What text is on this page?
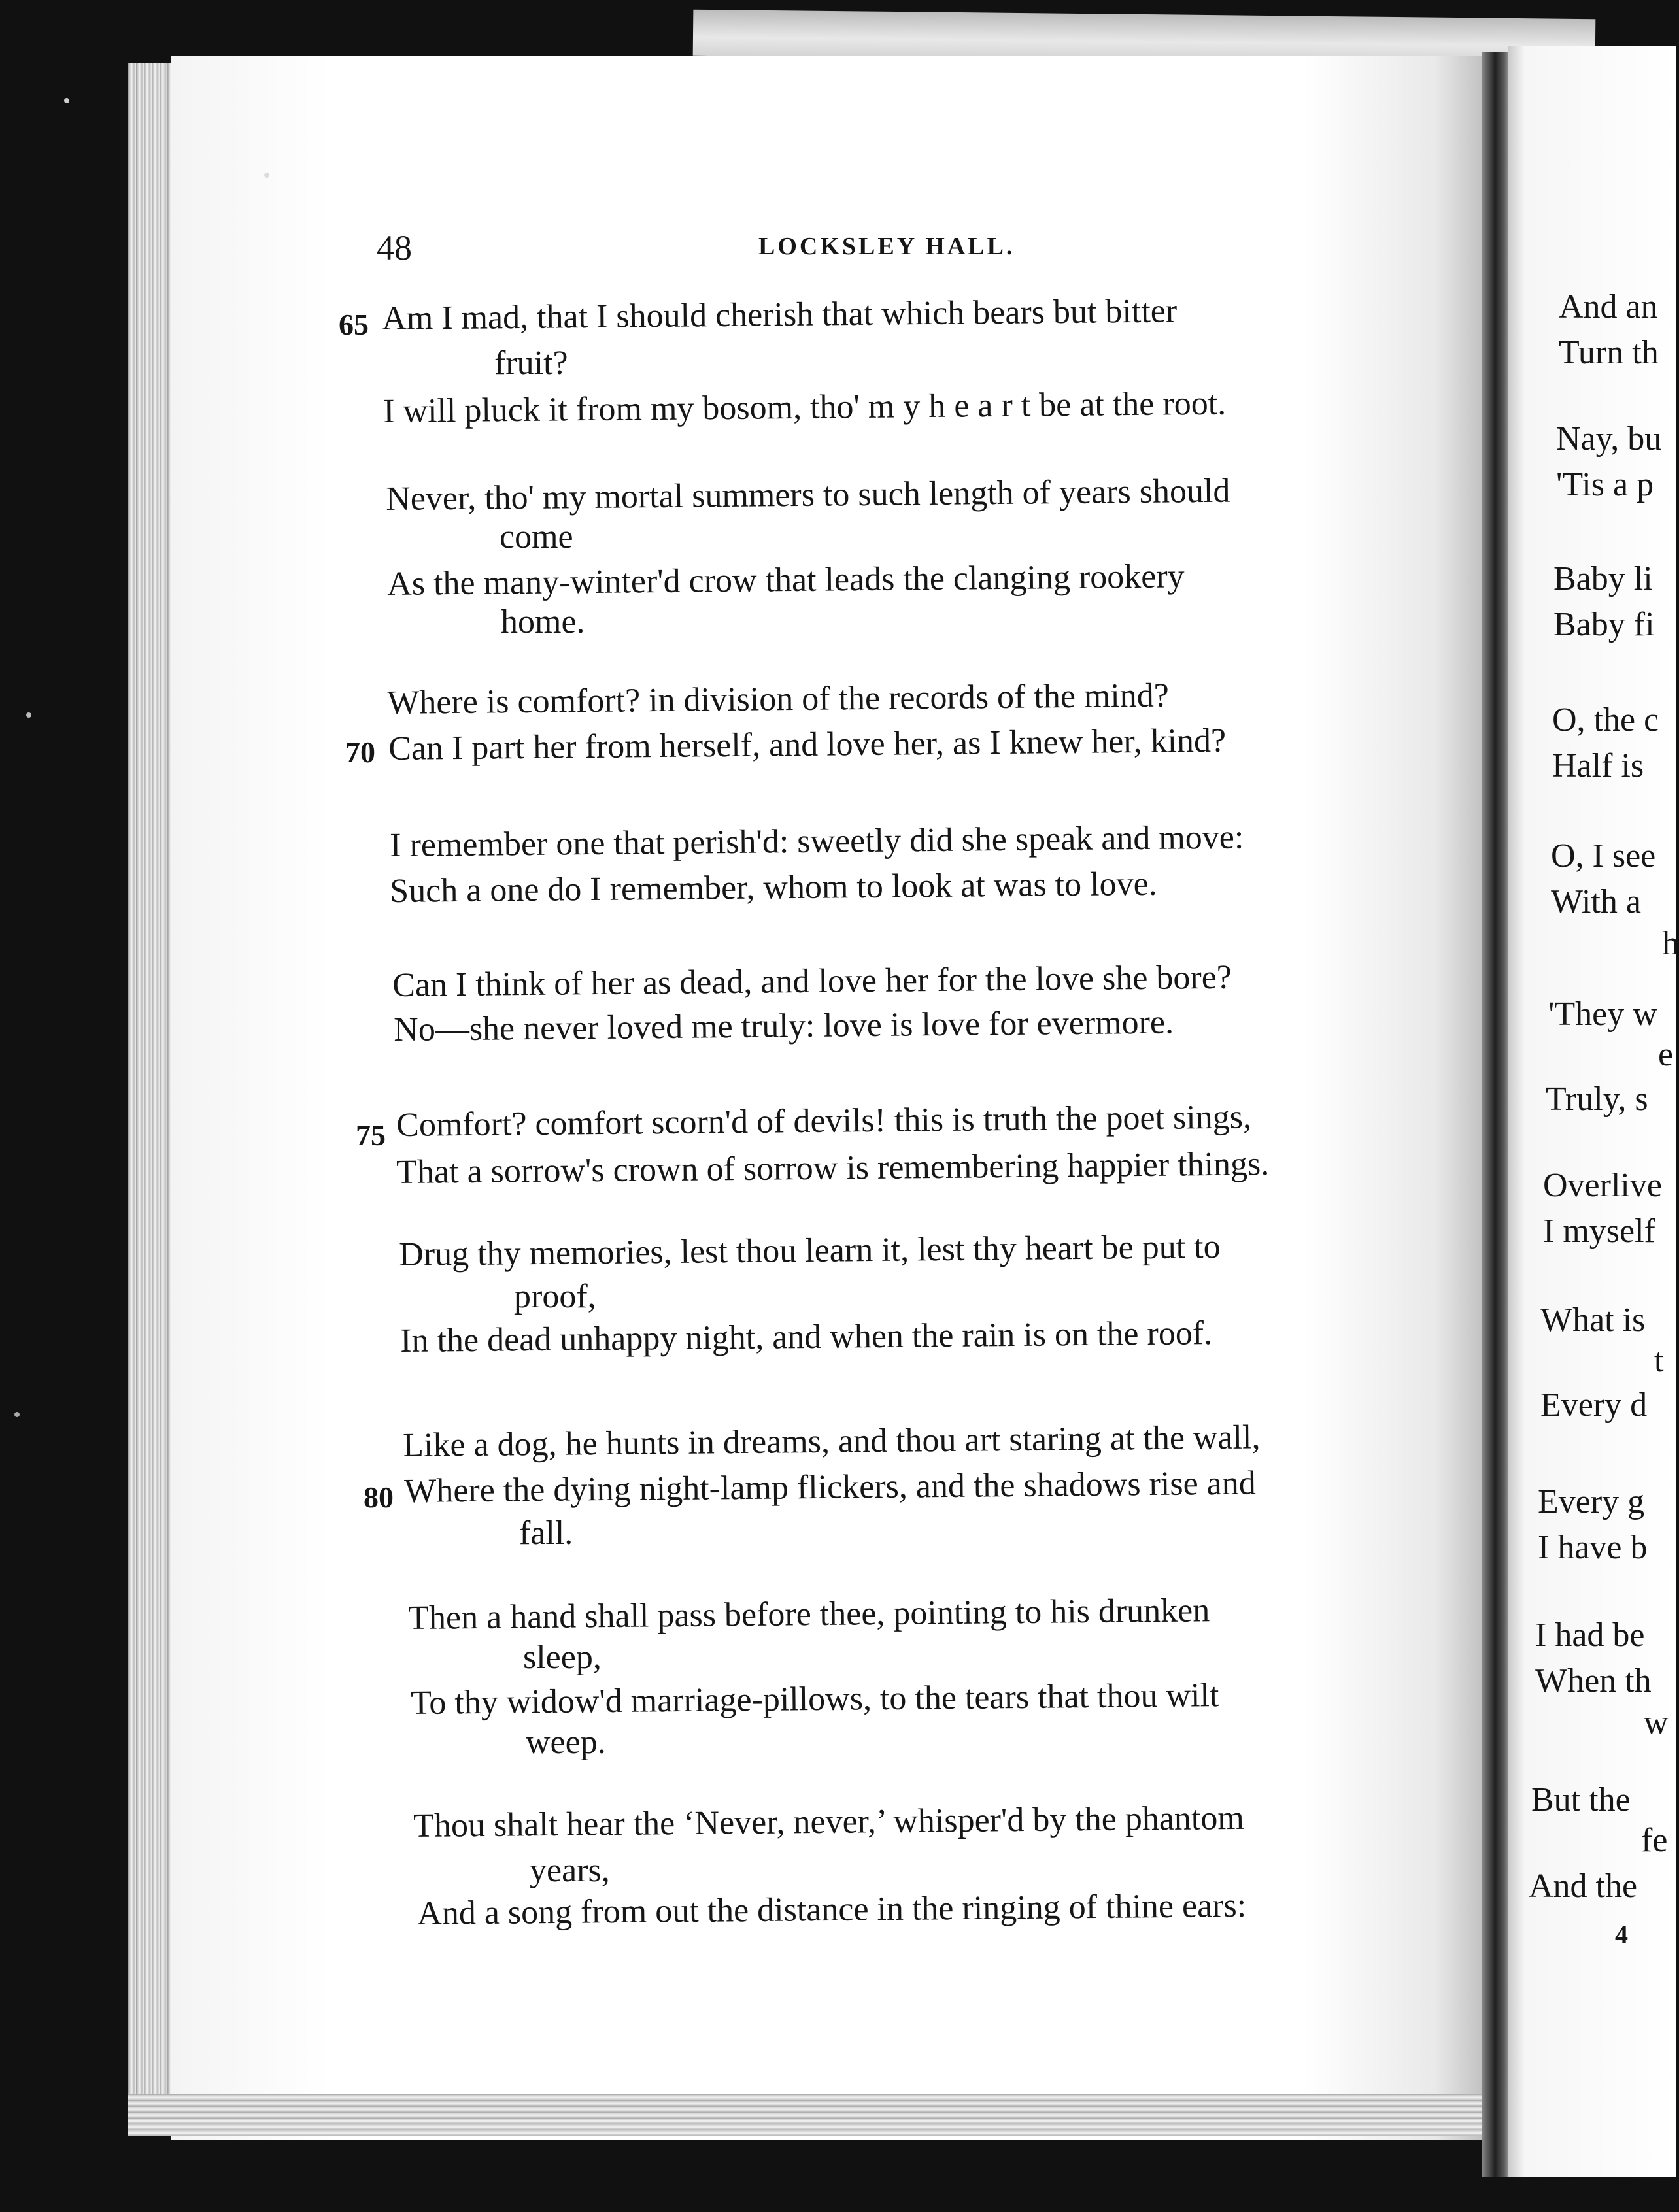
48	LOCKSLEY HALL.
65
70
75
80
Am I mad, that I should cherish that which bears but bitter
fruit?
I will pluck it from my bosom, tho' m y h e a r t be at the root.
Never, tho' my mortal summers to such length of years should
come
As the many-winter'd crow that leads the clanging rookery
home.
Where is comfort? in division of the records of the mind?
Can I part her from herself, and love her, as I knew her, kind?
I remember one that perish'd: sweetly did she speak and move:
Such a one do I remember, whom to look at was to love.
Can I think of her as dead, and love her for the love she bore?
No—she never loved me truly: love is love for evermore.
Comfort? comfort scorn'd of devils! this is truth the poet sings,
That a sorrow's crown of sorrow is remembering happier things.
Drug thy memories, lest thou learn it, lest thy heart be put to
proof,
In the dead unhappy night, and when the rain is on the roof.
Like a dog, he hunts in dreams, and thou art staring at the wall,
Where the dying night-lamp flickers, and the shadows rise and
fall.
Then a hand shall pass before thee, pointing to his drunken
sleep,
To thy widow'd marriage-pillows, to the tears that thou wilt
weep.
Thou shalt hear the ‘Never, never,’ whisper'd by the phantom
years,
And a song from out the distance in the ringing of thine ears:
And an
Turn th
Nay, bu
'Tis a p
Baby li
Baby fi
O, the c
Half is
O, I see
With a
h
'They w
e
Truly, s
Overlive
I myself
What is
t
Every d
Every g
I have b
I had be
When th
w
But the
fe
And the
4
